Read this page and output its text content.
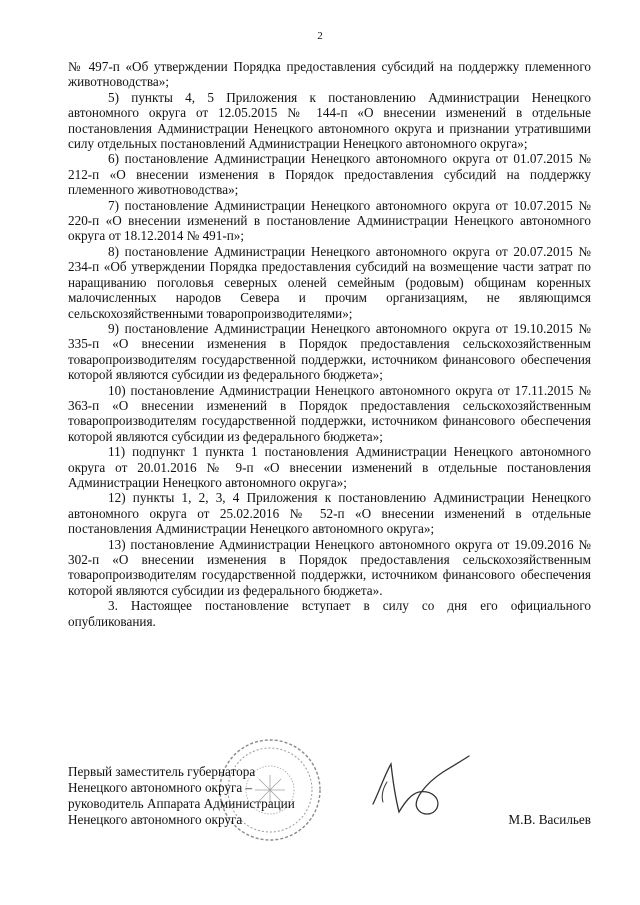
2

№ 497-п «Об утверждении Порядка предоставления субсидий на поддержку племенного животноводства»;

5) пункты 4, 5 Приложения к постановлению Администрации Ненецкого автономного округа от 12.05.2015 № 144-п «О внесении изменений в отдельные постановления Администрации Ненецкого автономного округа и признании утратившими силу отдельных постановлений Администрации Ненецкого автономного округа»;

6) постановление Администрации Ненецкого автономного округа от 01.07.2015 № 212-п «О внесении изменения в Порядок предоставления субсидий на поддержку племенного животноводства»;

7) постановление Администрации Ненецкого автономного округа от 10.07.2015 № 220-п «О внесении изменений в постановление Администрации Ненецкого автономного округа от 18.12.2014 № 491-п»;

8) постановление Администрации Ненецкого автономного округа от 20.07.2015 № 234-п «Об утверждении Порядка предоставления субсидий на возмещение части затрат по наращиванию поголовья северных оленей семейным (родовым) общинам коренных малочисленных народов Севера и прочим организациям, не являющимся сельскохозяйственными товаропроизводителями»;

9) постановление Администрации Ненецкого автономного округа от 19.10.2015 № 335-п «О внесении изменения в Порядок предоставления сельскохозяйственным товаропроизводителям государственной поддержки, источником финансового обеспечения которой являются субсидии из федерального бюджета»;

10) постановление Администрации Ненецкого автономного округа от 17.11.2015 № 363-п «О внесении изменений в Порядок предоставления сельскохозяйственным товаропроизводителям государственной поддержки, источником финансового обеспечения которой являются субсидии из федерального бюджета»;

11) подпункт 1 пункта 1 постановления Администрации Ненецкого автономного округа от 20.01.2016 № 9-п «О внесении изменений в отдельные постановления Администрации Ненецкого автономного округа»;

12) пункты 1, 2, 3, 4 Приложения к постановлению Администрации Ненецкого автономного округа от 25.02.2016 № 52-п «О внесении изменений в отдельные постановления Администрации Ненецкого автономного округа»;

13) постановление Администрации Ненецкого автономного округа от 19.09.2016 № 302-п «О внесении изменения в Порядок предоставления сельскохозяйственным товаропроизводителям государственной поддержки, источником финансового обеспечения которой являются субсидии из федерального бюджета».

3. Настоящее постановление вступает в силу со дня его официального опубликования.

Первый заместитель губернатора
Ненецкого автономного округа –
руководитель Аппарата Администрации
Ненецкого автономного округа	М.В. Васильев
